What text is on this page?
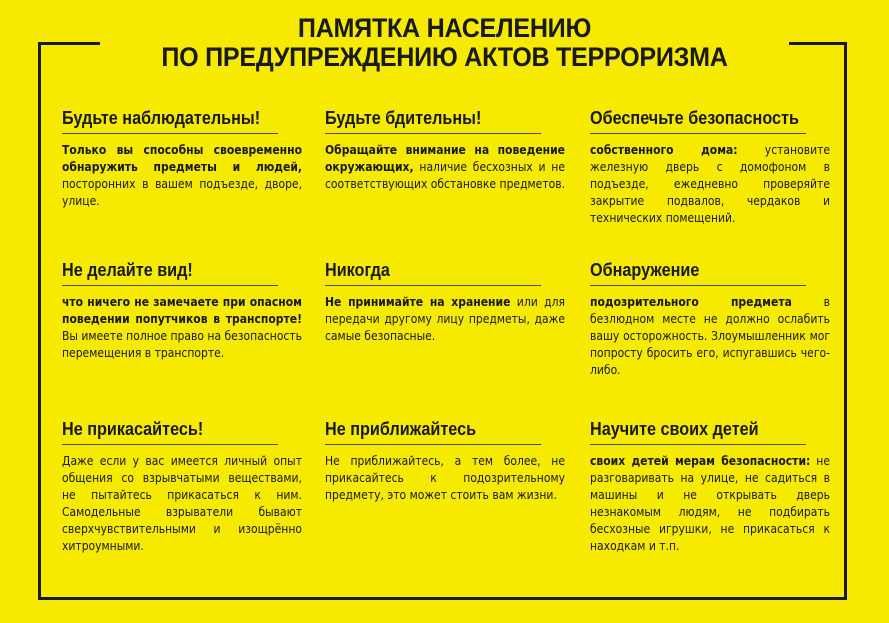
ПАМЯТКА НАСЕЛЕНИЮ
ПО ПРЕДУПРЕЖДЕНИЮ АКТОВ ТЕРРОРИЗМА
Будьте наблюдательны!
Только вы способны своевременно обнаружить предметы и людей, посторонних в вашем подъезде, дворе, улице.
Будьте бдительны!
Обращайте внимание на поведение окружающих, наличие бесхозных и не соответствующих обстановке предметов.
Обеспечьте безопасность
собственного дома: установите железную дверь с домофоном в подъезде, ежедневно проверяйте закрытие подвалов, чердаков и технических помещений.
Не делайте вид!
что ничего не замечаете при опасном поведении попутчиков в транспорте! Вы имеете полное право на безопасность перемещения в транспорте.
Никогда
Не принимайте на хранение или для передачи другому лицу предметы, даже самые безопасные.
Обнаружение
подозрительного предмета в безлюдном месте не должно ослабить вашу осторожность. Злоумышленник мог попросту бросить его, испугавшись чего-либо.
Не прикасайтесь!
Даже если у вас имеется личный опыт общения со взрывчатыми веществами, не пытайтесь прикасаться к ним. Самодельные взрыватели бывают сверхчувствительными и изощрённо хитроумными.
Не приближайтесь
Не приближайтесь, а тем более, не прикасайтесь к подозрительному предмету, это может стоить вам жизни.
Научите своих детей
своих детей мерам безопасности: не разговаривать на улице, не садиться в машины и не открывать дверь незнакомым людям, не подбирать бесхозные игрушки, не прикасаться к находкам и т.п.
